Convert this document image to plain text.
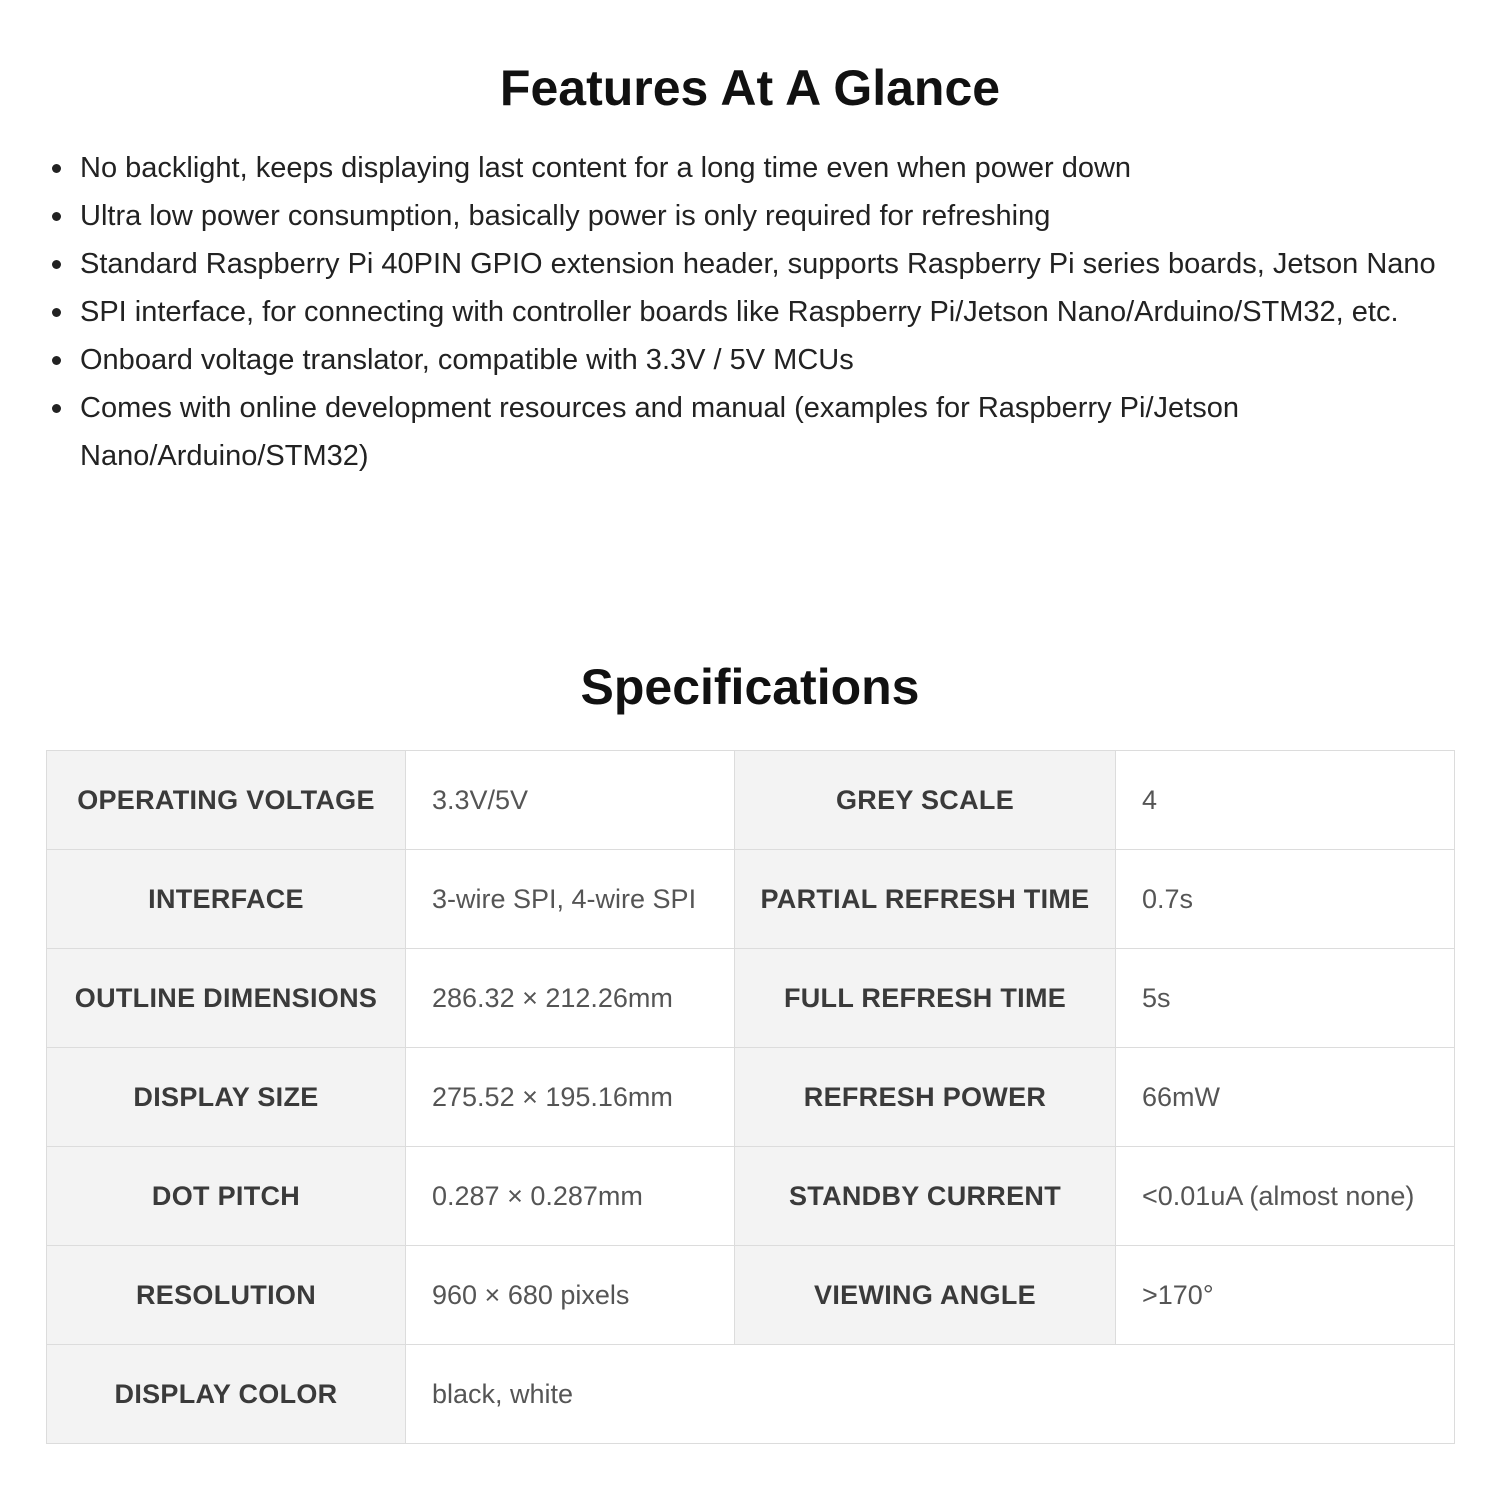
Features At A Glance
No backlight, keeps displaying last content for a long time even when power down
Ultra low power consumption, basically power is only required for refreshing
Standard Raspberry Pi 40PIN GPIO extension header, supports Raspberry Pi series boards, Jetson Nano
SPI interface, for connecting with controller boards like Raspberry Pi/Jetson Nano/Arduino/STM32, etc.
Onboard voltage translator, compatible with 3.3V / 5V MCUs
Comes with online development resources and manual (examples for Raspberry Pi/Jetson Nano/Arduino/STM32)
Specifications
OPERATING VOLTAGE	3.3V/5V	GREY SCALE	4
INTERFACE	3-wire SPI, 4-wire SPI	PARTIAL REFRESH TIME	0.7s
OUTLINE DIMENSIONS	286.32 × 212.26mm	FULL REFRESH TIME	5s
DISPLAY SIZE	275.52 × 195.16mm	REFRESH POWER	66mW
DOT PITCH	0.287 × 0.287mm	STANDBY CURRENT	<0.01uA (almost none)
RESOLUTION	960 × 680 pixels	VIEWING ANGLE	>170°
DISPLAY COLOR	black, white		
